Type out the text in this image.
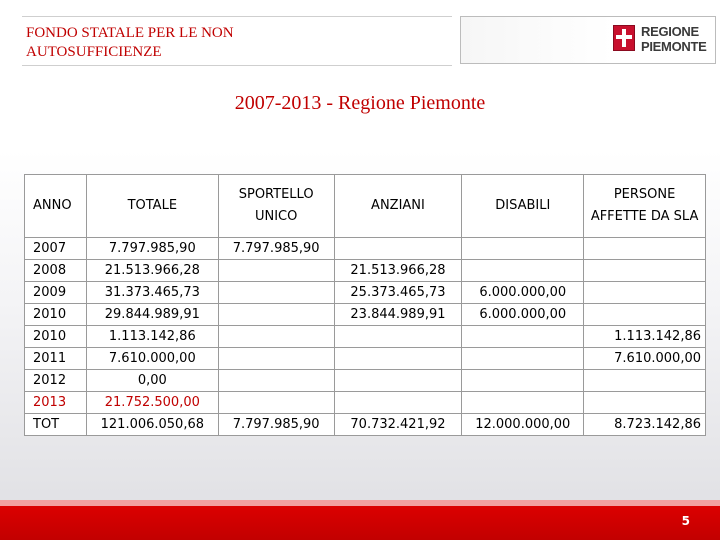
FONDO STATALE PER LE NON AUTOSUFFICIENZE
REGIONE
PIEMONTE
2007-2013 - Regione Piemonte
ANNO	TOTALE	SPORTELLO UNICO	ANZIANI	DISABILI	PERSONE AFFETTE DA SLA
2007	7.797.985,90	7.797.985,90			
2008	21.513.966,28		21.513.966,28		
2009	31.373.465,73		25.373.465,73	6.000.000,00	
2010	29.844.989,91		23.844.989,91	6.000.000,00	
2010	1.113.142,86				1.113.142,86
2011	7.610.000,00				7.610.000,00
2012	0,00				
2013	21.752.500,00				
TOT	121.006.050,68	7.797.985,90	70.732.421,92	12.000.000,00	8.723.142,86
5
